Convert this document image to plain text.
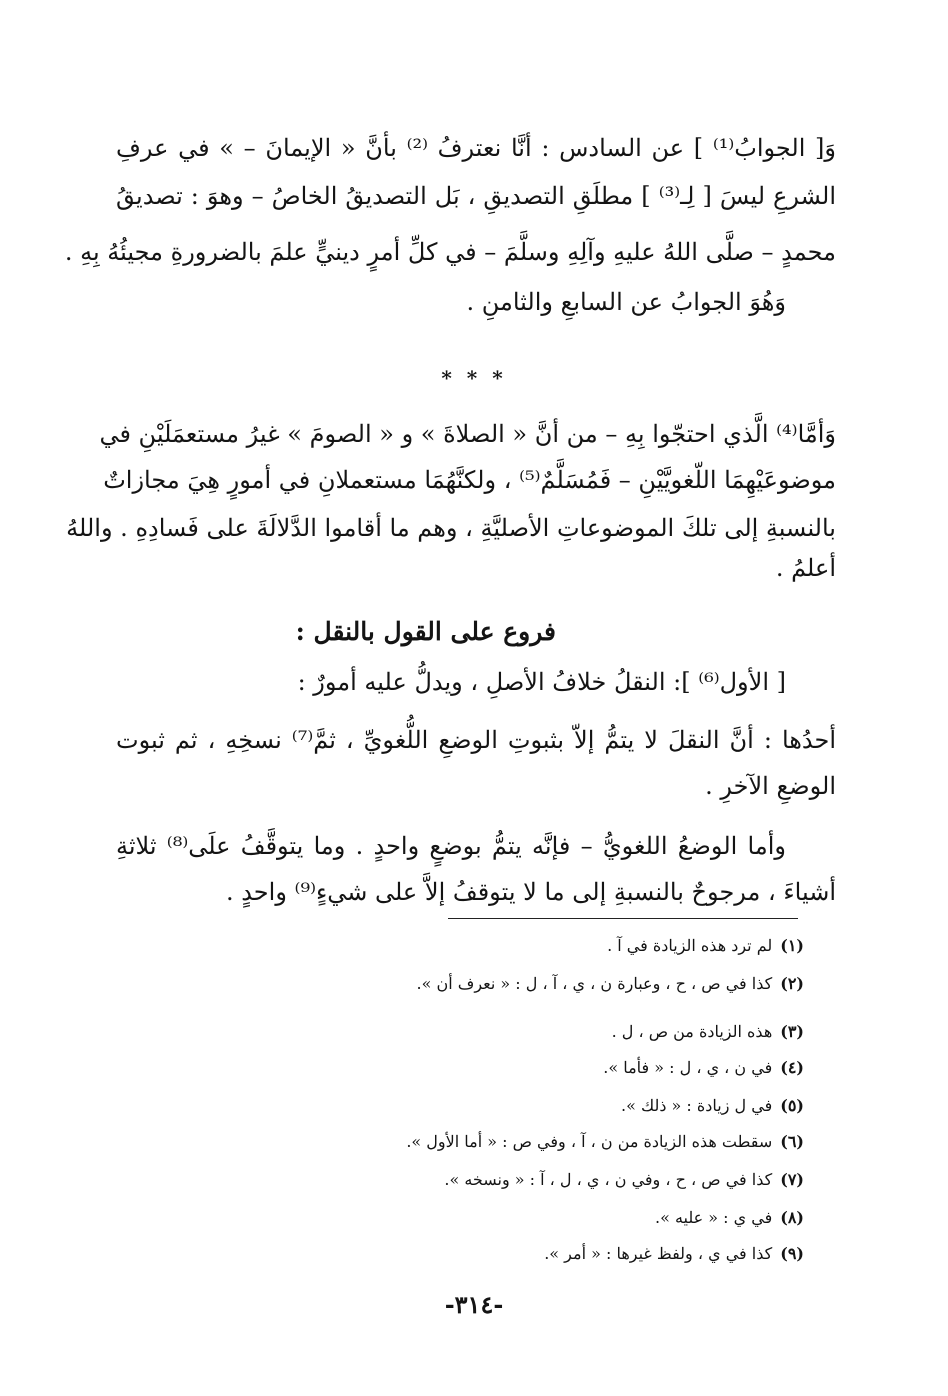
وَ[ الجوابُ⁽¹⁾ ] عن السادس : أنَّا نعترفُ ⁽²⁾ بأنَّ « الإيمانَ – » في عرفِ
الشرعِ ليسَ [ لِـ⁽³⁾ ] مطلَقِ التصديقِ ، بَل التصديقُ الخاصُ – وهوَ : تصديقُ
محمدٍ – صلَّى اللهُ عليهِ وآلِهِ وسلَّمَ – في كلِّ أمرٍ دينيٍّ علمَ بالضرورةِ مجيئُهُ بِهِ .
وَهُوَ الجوابُ عن السابعِ والثامنِ .
* * *
وَأمَّا⁽⁴⁾ الَّذي احتجّوا بِهِ – من أنَّ « الصلاةَ » و « الصومَ » غيرُ مستعمَلَيْنِ في
موضوعَيْهِمَا اللّغويَّيْنِ – فَمُسَلَّمٌ⁽⁵⁾ ، ولكنَّهُمَا مستعملانِ في أمورٍ هِيَ مجازاتٌ
بالنسبةِ إلى تلكَ الموضوعاتِ الأصليَّةِ ، وهم ما أقاموا الدَّلالَةَ على فَسادِهِ . واللهُ
أعلمُ .
فروع على القول بالنقل :
[ الأول⁽⁶⁾ ]: النقلُ خلافُ الأصلِ ، ويدلُّ عليه أمورٌ :
أحدُها : أنَّ النقلَ لا يتمُّ إلاّ بثبوتِ الوضعِ اللُّغويِّ ، ثمَّ⁽⁷⁾ نسخِهِ ، ثم ثبوت
الوضعِ الآخرِ .
وأما الوضعُ اللغويُّ – فإنَّه يتمُّ بوضعٍ واحدٍ . وما يتوقَّفُ علَى⁽⁸⁾ ثلاثةِ
أشياءَ ، مرجوحٌ بالنسبةِ إلى ما لا يتوقفُ إلاَّ على شيءٍ⁽⁹⁾ واحدٍ .
(١)لم ترد هذه الزيادة في آ .
(٢)كذا في ص ، ح ، وعبارة ن ، ي ، آ ، ل : « نعرف أن ».
(٣)هذه الزيادة من ص ، ل .
(٤)في ن ، ي ، ل : « فأما ».
(٥)في ل زيادة : « ذلك ».
(٦)سقطت هذه الزيادة من ن ، آ ، وفي ص : « أما الأول ».
(٧)كذا في ص ، ح ، وفي ن ، ي ، ل ، آ : « ونسخه ».
(٨)في ي : « عليه ».
(٩)كذا في ي ، ولفظ غيرها : « أمر ».
-٣١٤-
